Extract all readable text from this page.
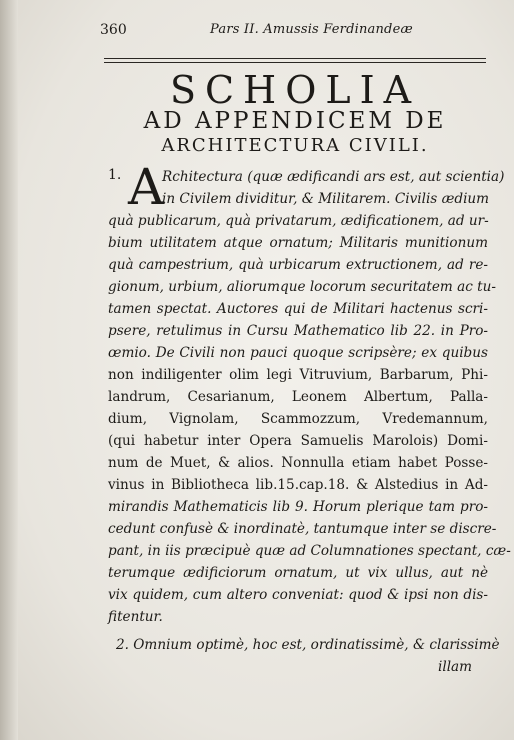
360	Pars II. Amussis Ferdinandeæ
SCHOLIA
AD APPENDICEM DE
ARCHITECTURA CIVILI.
1. A
Rchitectura (quæ ædificandi ars est, aut scientia)
in Civilem dividitur, & Militarem. Civilis ædium
quà publicarum, quà privatarum, ædificationem, ad ur-
bium utilitatem atque ornatum; Militaris munitionum
quà campestrium, quà urbicarum extructionem, ad re-
gionum, urbium, aliorumque locorum securitatem ac tu-
tamen spectat. Auctores qui de Militari hactenus scri-
psere, retulimus in Cursu Mathematico lib 22. in Pro-
œmio. De Civili non pauci quoque scripsère; ex quibus
non indiligenter olim legi Vitruvium, Barbarum, Phi-
landrum, Cesarianum, Leonem Albertum, Palla-
dium, Vignolam, Scammozzum, Vredemannum,
(qui habetur inter Opera Samuelis Marolois) Domi-
num de Muet, & alios. Nonnulla etiam habet Posse-
vinus in Bibliotheca lib.15.cap.18. & Alstedius in Ad-
mirandis Mathematicis lib 9. Horum plerique tam pro-
cedunt confusè & inordinatè, tantumque inter se discre-
pant, in iis præcipuè quæ ad Columnationes spectant, cæ-
terumque ædificiorum ornatum, ut vix ullus, aut nè
vix quidem, cum altero conveniat: quod & ipsi non dis-
fitentur.
2. Omnium optimè, hoc est, ordinatissimè, & clarissimè
illam
